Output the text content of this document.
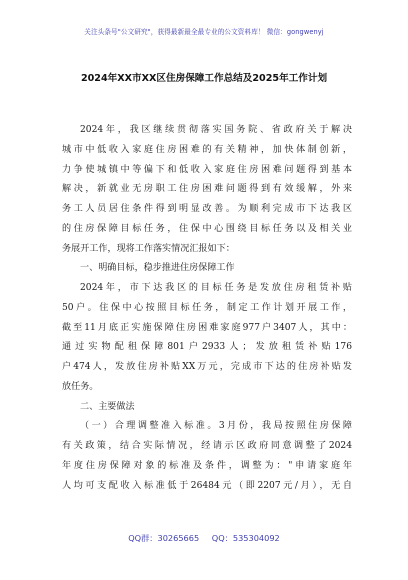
关注头条号"公文研究"，获得最新最全最专业的公文资料库！ 微信：gongwenyj
2024年XX市XX区住房保障工作总结及2025年工作计划
2024年，我区继续贯彻落实国务院、省政府关于解决
城市中低收入家庭住房困难的有关精神，加快体制创新，
力争使城镇中等偏下和低收入家庭住房困难问题得到基本
解决，新就业无房职工住房困难问题得到有效缓解，外来
务工人员居住条件得到明显改善。为顺利完成市下达我区
的住房保障目标任务，住保中心围绕目标任务以及相关业
务展开工作，现将工作落实情况汇报如下：
一、明确目标，稳步推进住房保障工作
2024年，市下达我区的目标任务是发放住房租赁补贴
50户。住保中心按照目标任务，制定工作计划开展工作，
截至11月底正实施保障住房困难家庭977户3407人，其中：
通过实物配租保障801户2933人；发放租赁补贴176
户474人，发放住房补贴XX万元，完成市下达的住房补贴发
放任务。
二、主要做法
（一）合理调整准入标准。3月份，我局按照住房保障
有关政策，结合实际情况，经请示区政府同意调整了2024
年度住房保障对象的标准及条件，调整为："申请家庭年
人均可支配收入标准低于26484元（即2207元/月），无自
QQ群：30265665 QQ：535304092
